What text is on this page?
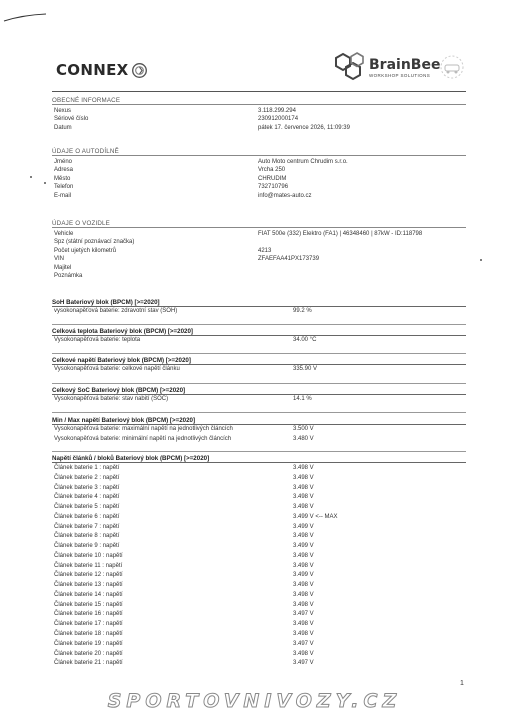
CONNEX	BrainBee
WORKSHOP SOLUTIONS
OBECNÉ INFORMACE
Nexus	3.118.299.294
Sériové číslo	230912000174
Datum	pátek 17. července 2026, 11:09:39
ÚDAJE O AUTODÍLNĚ
Jméno	Auto Moto centrum Chrudim s.r.o.
Adresa	Vrcha 250
Město	CHRUDIM
Telefon	732710796
E-mail	info@mates-auto.cz
ÚDAJE O VOZIDLE
Vehicle	FIAT 500e (332) Elektro (FA1) | 46348460 | 87kW - ID:118798
Spz (státní poznávací značka)
Počet ujetých kilometrů	4213
VIN	ZFAEFAA41PX173739
Majitel
Poznámka
SoH Bateriový blok (BPCM) [>=2020]
vysokonapěťová baterie: zdravotní stav (SOH)	99.2 %
Celková teplota Bateriový blok (BPCM) [>=2020]
Vysokonapěťová baterie: teplota	34.00 °C
Celkové napětí Bateriový blok (BPCM) [>=2020]
Vysokonapěťová baterie: celkové napětí článku	335.90 V
Celkový SoC Bateriový blok (BPCM) [>=2020]
Vysokonapěťová baterie: stav nabití (SOC)	14.1 %
Min / Max napětí Bateriový blok (BPCM) [>=2020]
Vysokonapěťová baterie: maximální napětí na jednotlivých článcích	3.500 V
Vysokonapěťová baterie: minimální napětí na jednotlivých článcích	3.480 V
Napětí článků / bloků Bateriový blok (BPCM) [>=2020]
Článek baterie 1 : napětí	3.498 V
Článek baterie 2 : napětí	3.498 V
Článek baterie 3 : napětí	3.498 V
Článek baterie 4 : napětí	3.498 V
Článek baterie 5 : napětí	3.498 V
Článek baterie 6 : napětí	3.499 V <-- MAX
Článek baterie 7 : napětí	3.499 V
Článek baterie 8 : napětí	3.498 V
Článek baterie 9 : napětí	3.499 V
Článek baterie 10 : napětí	3.498 V
Článek baterie 11 : napětí	3.498 V
Článek baterie 12 : napětí	3.499 V
Článek baterie 13 : napětí	3.498 V
Článek baterie 14 : napětí	3.498 V
Článek baterie 15 : napětí	3.498 V
Článek baterie 16 : napětí	3.497 V
Článek baterie 17 : napětí	3.498 V
Článek baterie 18 : napětí	3.498 V
Článek baterie 19 : napětí	3.497 V
Článek baterie 20 : napětí	3.498 V
Článek baterie 21 : napětí	3.497 V
1
SPORTOVNIVOZY.CZ
